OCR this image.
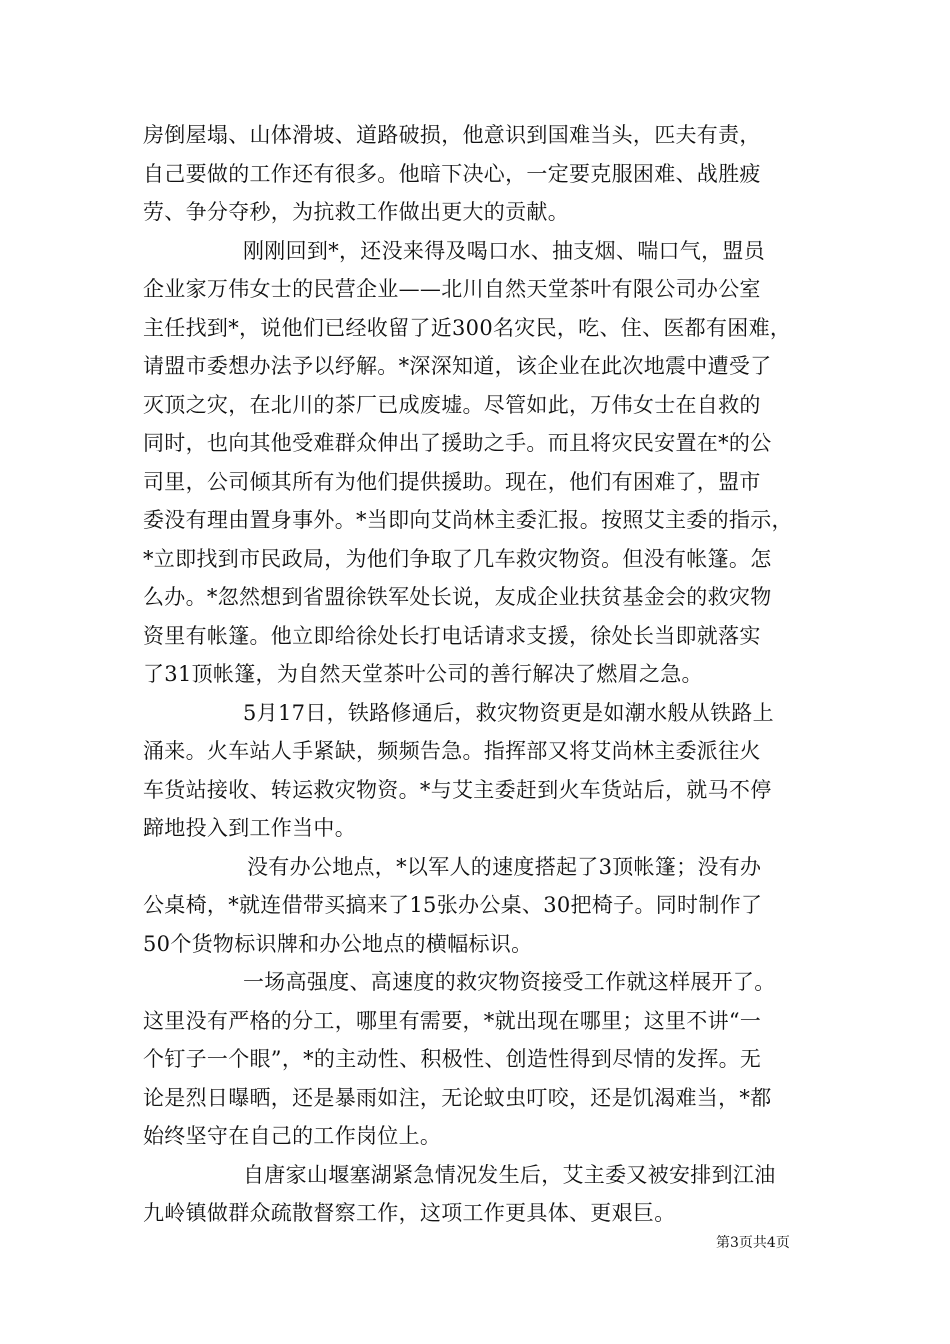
房倒屋塌、山体滑坡、道路破损，他意识到国难当头，匹夫有责，
自己要做的工作还有很多。他暗下决心，一定要克服困难、战胜疲
劳、争分夺秒，为抗救工作做出更大的贡献。
刚刚回到*，还没来得及喝口水、抽支烟、喘口气，盟员
企业家万伟女士的民营企业——北川自然天堂茶叶有限公司办公室
主任找到*，说他们已经收留了近300名灾民，吃、住、医都有困难，
请盟市委想办法予以纾解。*深深知道，该企业在此次地震中遭受了
灭顶之灾，在北川的茶厂已成废墟。尽管如此，万伟女士在自救的
同时，也向其他受难群众伸出了援助之手。而且将灾民安置在*的公
司里，公司倾其所有为他们提供援助。现在，他们有困难了，盟市
委没有理由置身事外。*当即向艾尚林主委汇报。按照艾主委的指示，
*立即找到市民政局，为他们争取了几车救灾物资。但没有帐篷。怎
么办。*忽然想到省盟徐铁军处长说，友成企业扶贫基金会的救灾物
资里有帐篷。他立即给徐处长打电话请求支援，徐处长当即就落实
了31顶帐篷，为自然天堂茶叶公司的善行解决了燃眉之急。
5月17日，铁路修通后，救灾物资更是如潮水般从铁路上
涌来。火车站人手紧缺，频频告急。指挥部又将艾尚林主委派往火
车货站接收、转运救灾物资。*与艾主委赶到火车货站后，就马不停
蹄地投入到工作当中。
没有办公地点，*以军人的速度搭起了3顶帐篷；没有办
公桌椅，*就连借带买搞来了15张办公桌、30把椅子。同时制作了
50个货物标识牌和办公地点的横幅标识。
一场高强度、高速度的救灾物资接受工作就这样展开了。
这里没有严格的分工，哪里有需要，*就出现在哪里；这里不讲“一
个钉子一个眼”，*的主动性、积极性、创造性得到尽情的发挥。无
论是烈日曝晒，还是暴雨如注，无论蚊虫叮咬，还是饥渴难当，*都
始终坚守在自己的工作岗位上。
自唐家山堰塞湖紧急情况发生后，艾主委又被安排到江油
九岭镇做群众疏散督察工作，这项工作更具体、更艰巨。
第3页共4页
